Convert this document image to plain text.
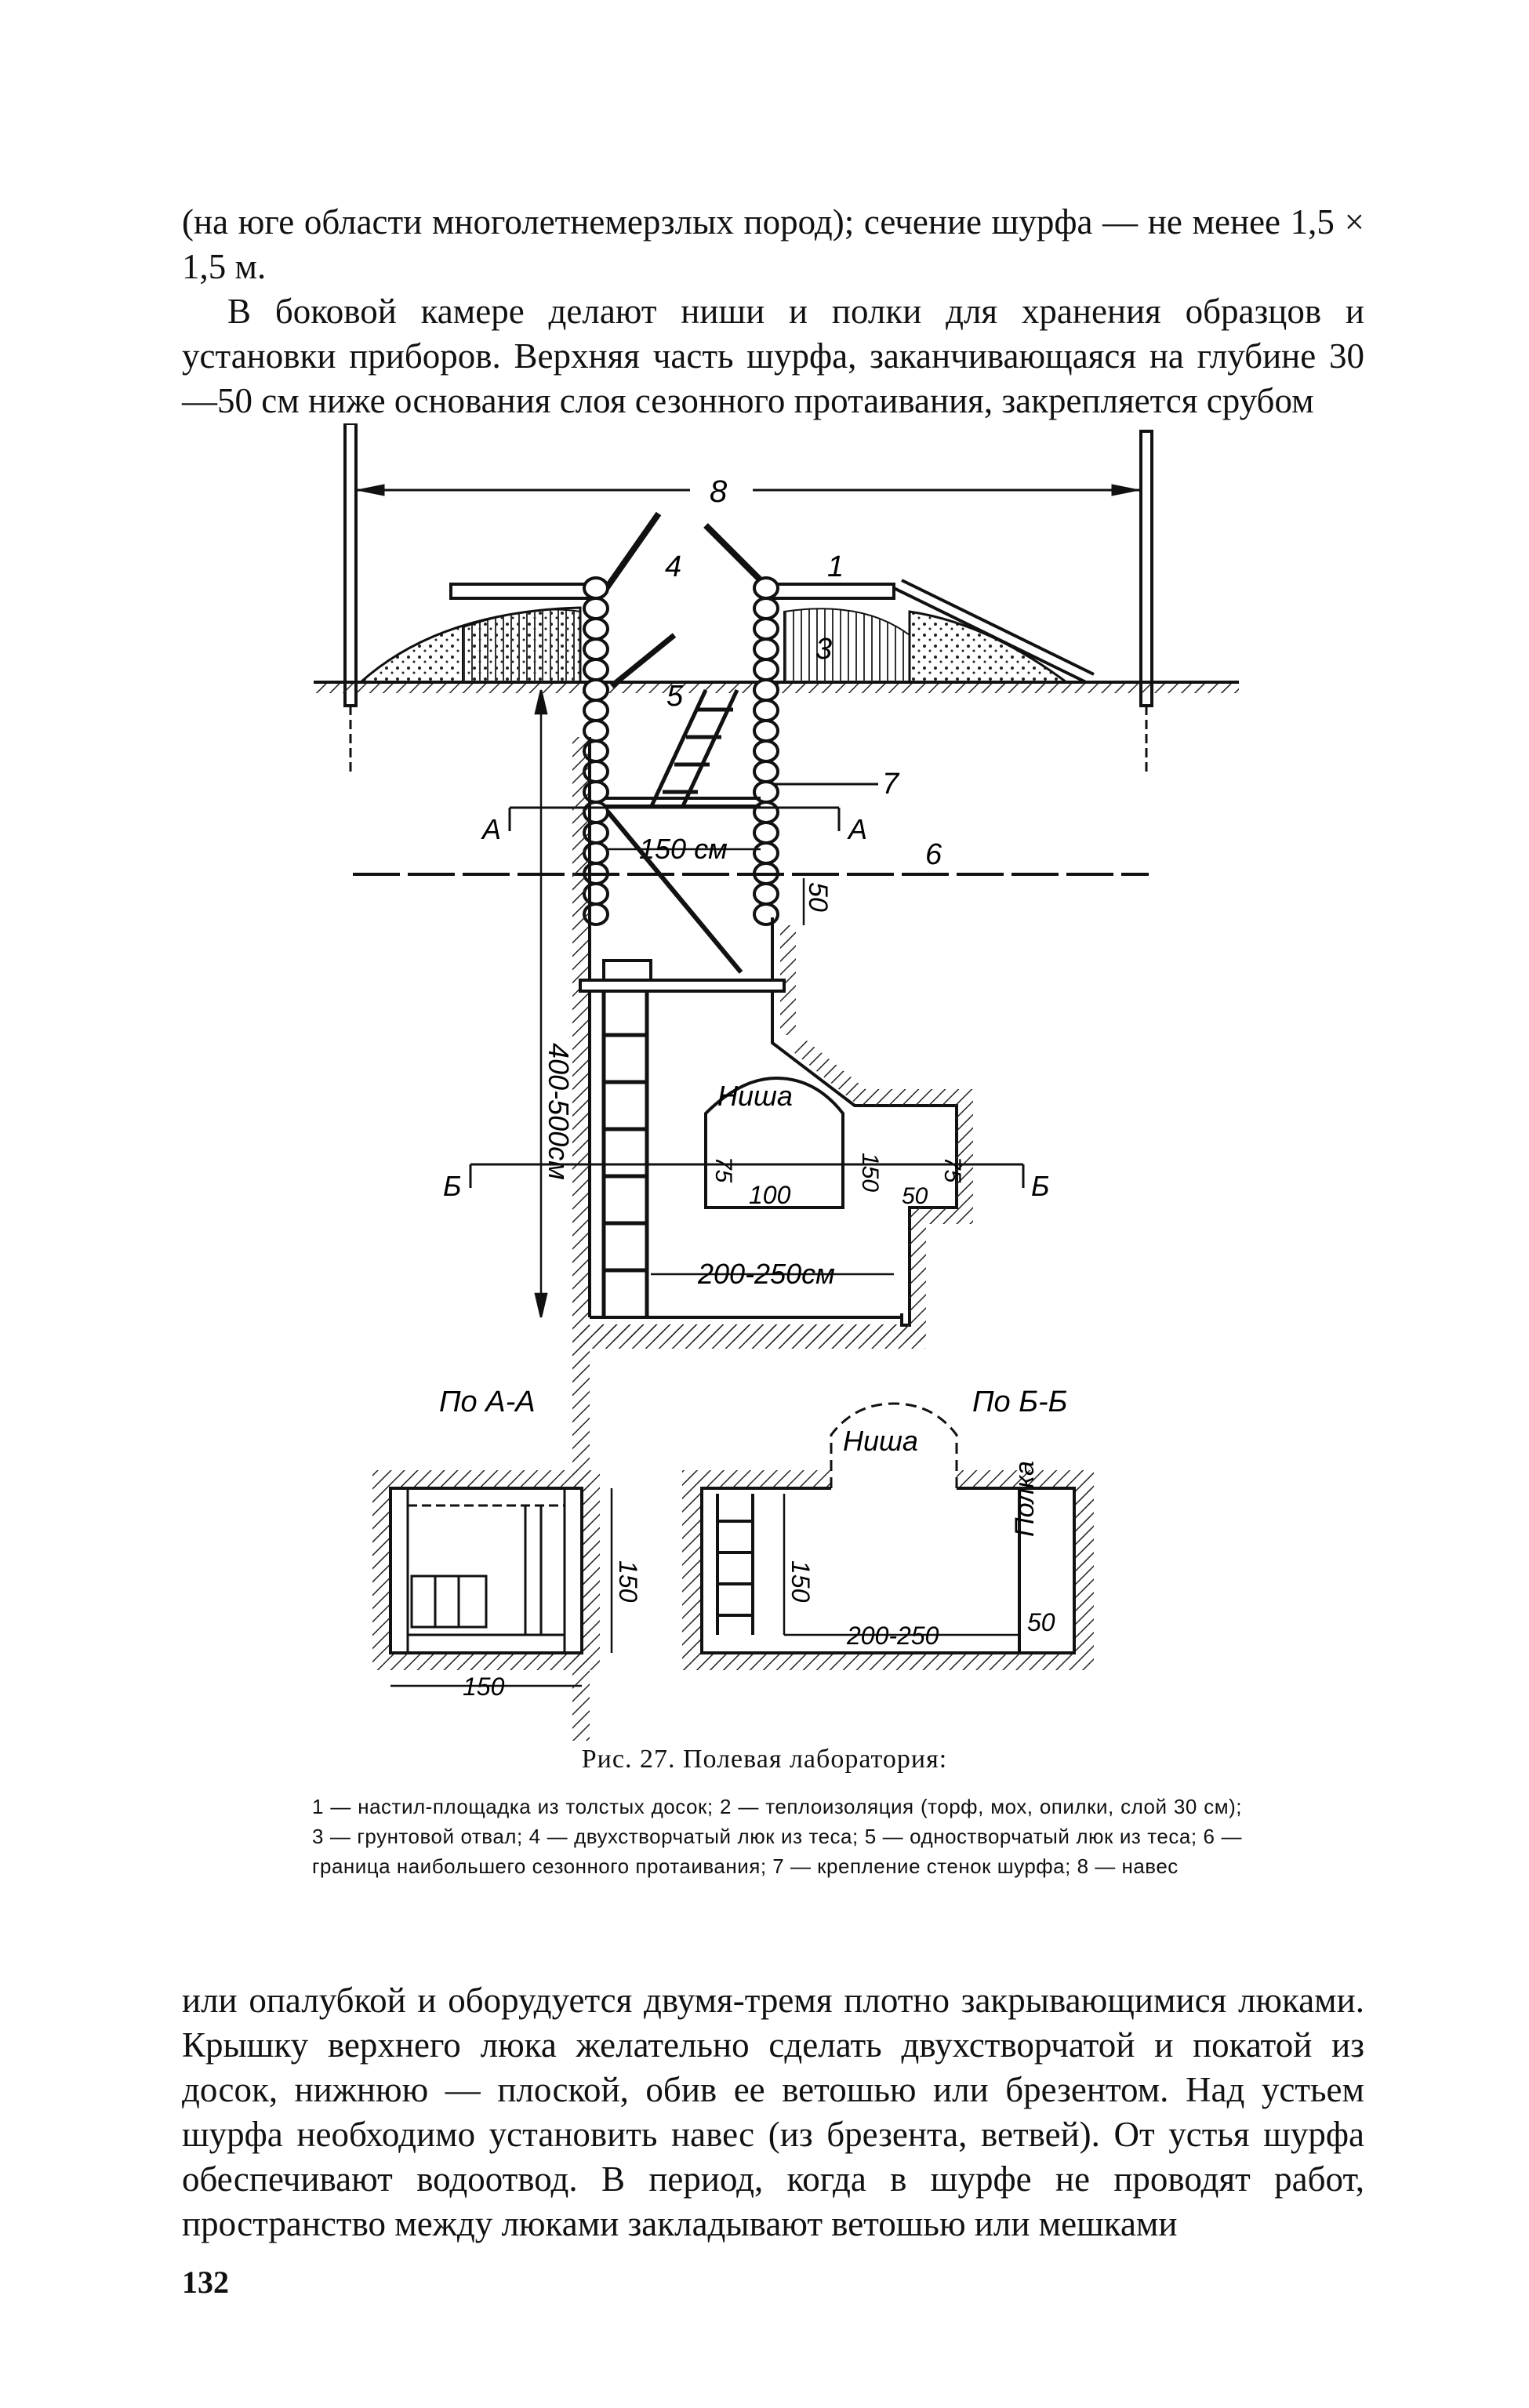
(на юге области многолетнемерзлых пород); сечение шурфа — не менее 1,5 × 1,5 м.

В боковой камере делают ниши и полки для хранения образцов и установки приборов. Верхняя часть шурфа, заканчивающаяся на глубине 30—50 см ниже основания слоя сезонного протаивания, закрепляется срубом

8
1
3
4
5
7
А	А
150 см	6
400-500см
50
Ниша
75
100
150
50
75
Б	Б
200-250см
По А-А
150
150
По Б-Б
Ниша
Полка
150
200-250	50
Рис. 27. Полевая лаборатория:
1 — настил-площадка из толстых досок; 2 — теплоизоляция (торф, мох, опилки, слой 30 см); 3 — грунтовой отвал; 4 — двухстворчатый люк из теса; 5 — одностворчатый люк из теса; 6 — граница наибольшего сезонного протаивания; 7 — крепление стенок шурфа; 8 — навес

или опалубкой и оборудуется двумя-тремя плотно закрывающимися люками. Крышку верхнего люка желательно сделать двухстворчатой и покатой из досок, нижнюю — плоской, обив ее ветошью или брезентом. Над устьем шурфа необходимо установить навес (из брезента, ветвей). От устья шурфа обеспечивают водоотвод. В период, когда в шурфе не проводят работ, пространство между люками закладывают ветошью или мешками

132
